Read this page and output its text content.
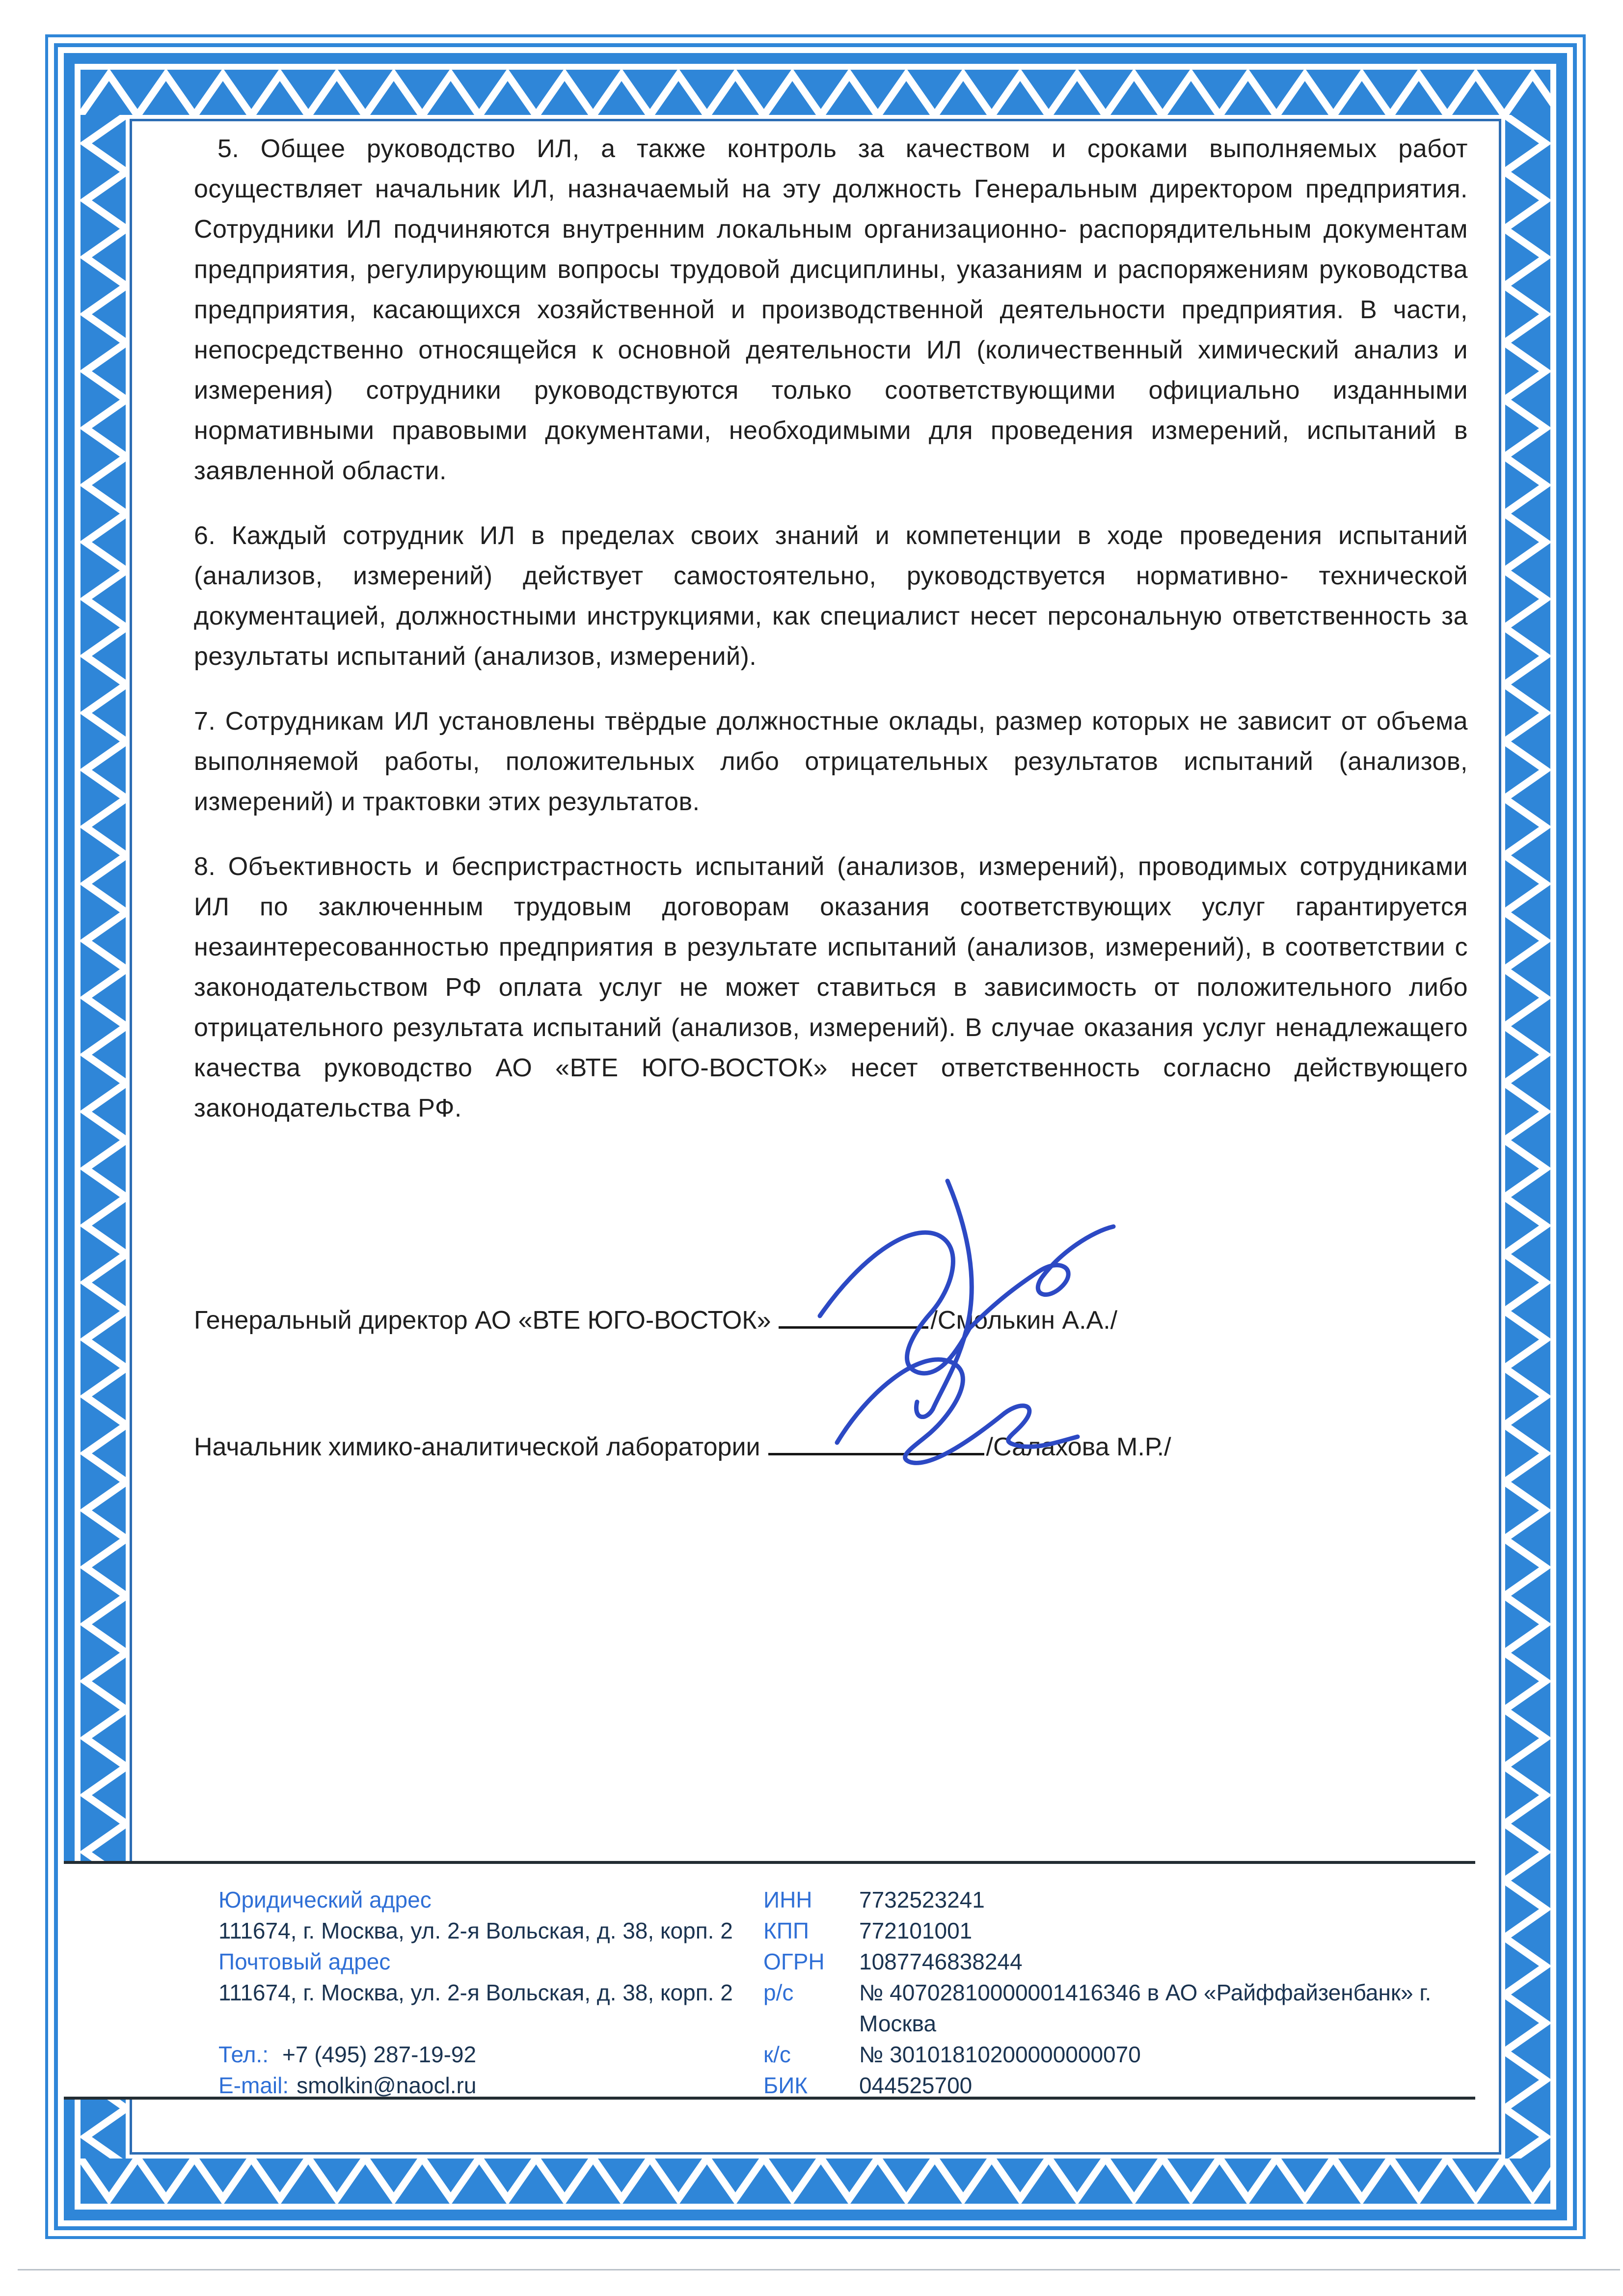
5. Общее руководство ИЛ, а также контроль за качеством и сроками выполняемых работ осуществляет начальник ИЛ, назначаемый на эту должность Генеральным директором предприятия. Сотрудники ИЛ подчиняются внутренним локальным организационно- распорядительным документам предприятия, регулирующим вопросы трудовой дисциплины, указаниям и распоряжениям руководства предприятия, касающихся хозяйственной и производственной деятельности предприятия. В части, непосредственно относящейся к основной деятельности ИЛ (количественный химический анализ и измерения) сотрудники руководствуются только соответствующими официально изданными нормативными правовыми документами, необходимыми для проведения измерений, испытаний в заявленной области.

6. Каждый сотрудник ИЛ в пределах своих знаний и компетенции в ходе проведения испытаний (анализов, измерений) действует самостоятельно, руководствуется нормативно- технической документацией, должностными инструкциями, как специалист несет персональную ответственность за результаты испытаний (анализов, измерений).

7. Сотрудникам ИЛ установлены твёрдые должностные оклады, размер которых не зависит от объема выполняемой работы, положительных либо отрицательных результатов испытаний (анализов, измерений) и трактовки этих результатов.

8. Объективность и беспристрастность испытаний (анализов, измерений), проводимых сотрудниками ИЛ по заключенным трудовым договорам оказания соответствующих услуг гарантируется незаинтересованностью предприятия в результате испытаний (анализов, измерений), в соответствии с законодательством РФ оплата услуг не может ставиться в зависимость от положительного либо отрицательного результата испытаний (анализов, измерений). В случае оказания услуг ненадлежащего качества руководство АО «ВТЕ ЮГО-ВОСТОК» несет ответственность согласно действующего законодательства РФ.

Генеральный директор АО «ВТЕ ЮГО-ВОСТОК»	/Смолькин А.А./
Начальник химико-аналитической лаборатории	/Салахова М.Р./
Юридический адрес
111674, г. Москва, ул. 2-я Вольская, д. 38, корп. 2
Почтовый адрес
111674, г. Москва, ул. 2-я Вольская, д. 38, корп. 2
Тел.: +7 (495) 287-19-92
E-mail: smolkin@naocl.ru
ИНН	7732523241
КПП	772101001
ОГРН	1087746838244
р/с	№ 40702810000001416346 в АО «Райффайзенбанк» г. Москва
к/с	№ 30101810200000000070
БИК	044525700
